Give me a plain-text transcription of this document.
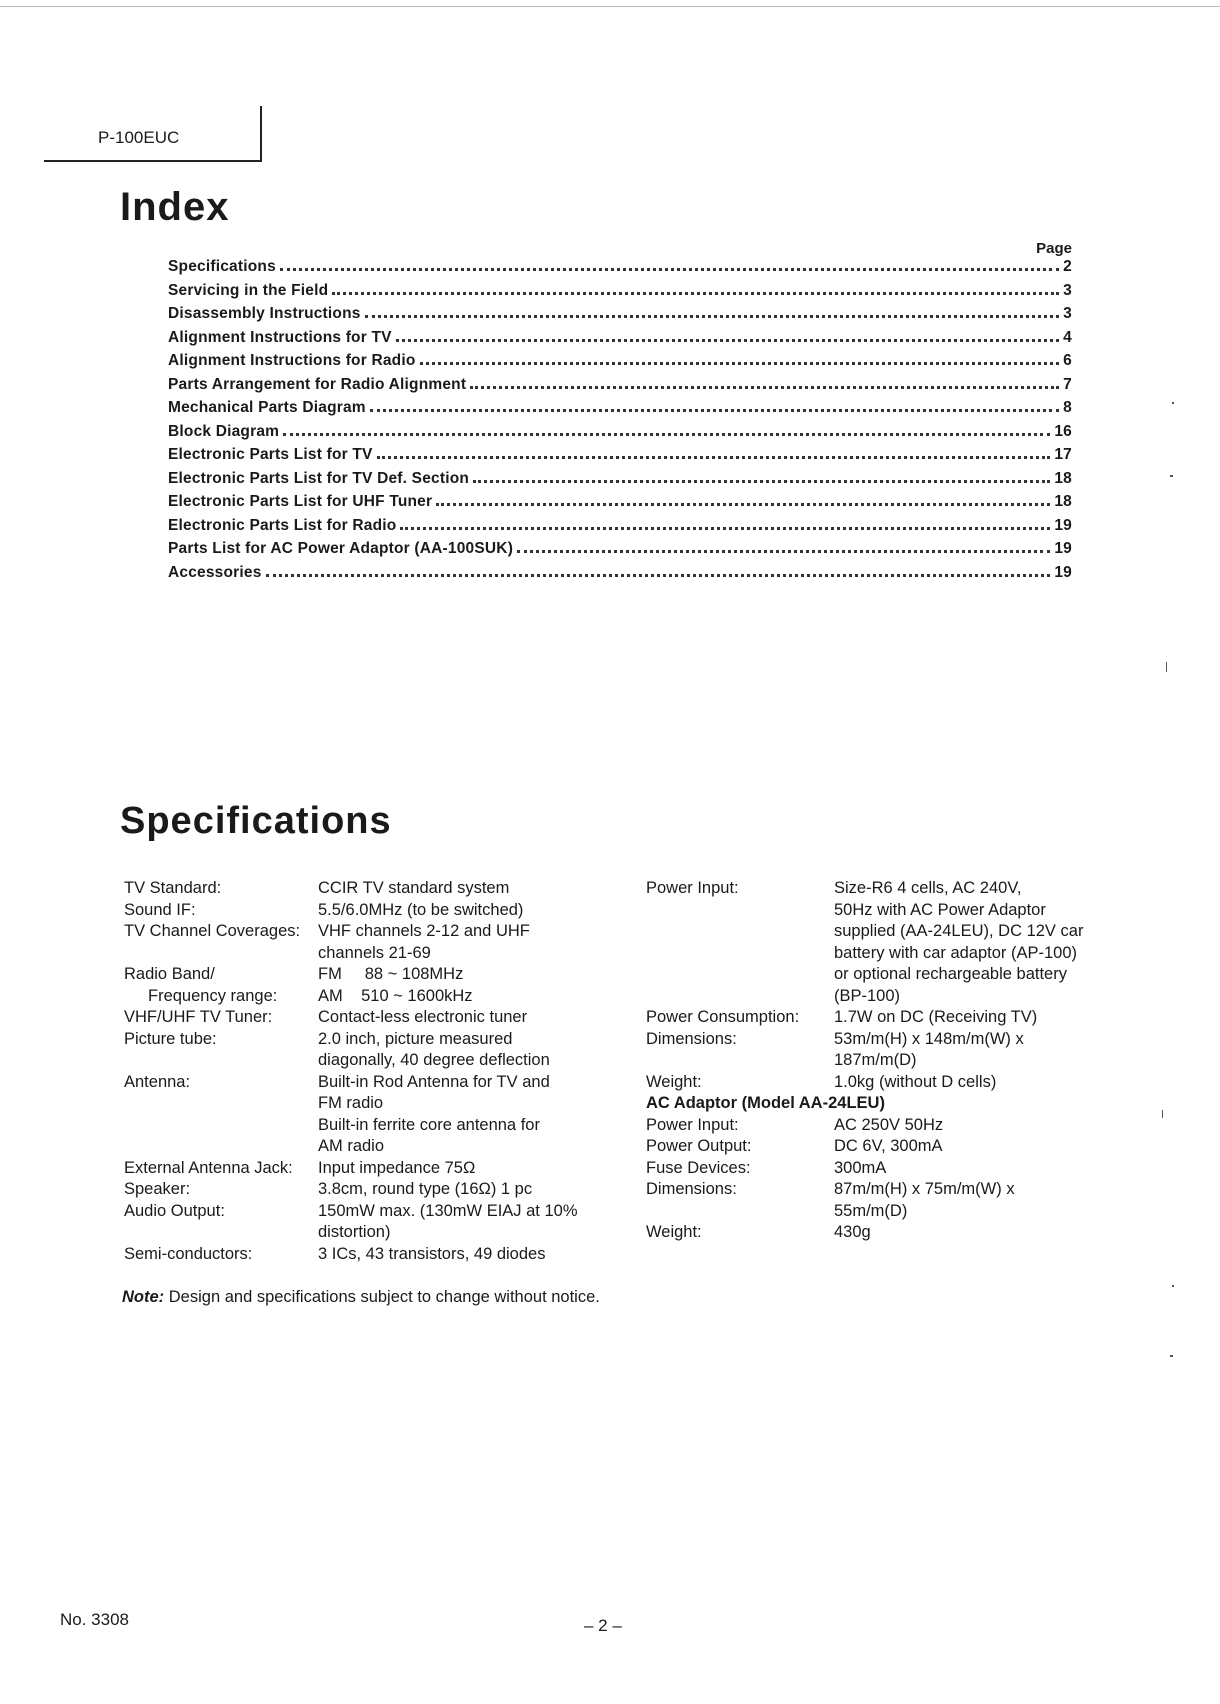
P-100EUC
Index
Page
Specifications	2
Servicing in the Field	3
Disassembly Instructions	3
Alignment Instructions for TV	4
Alignment Instructions for Radio	6
Parts Arrangement for Radio Alignment	7
Mechanical Parts Diagram	8
Block Diagram	16
Electronic Parts List for TV	17
Electronic Parts List for TV Def. Section	18
Electronic Parts List for UHF Tuner	18
Electronic Parts List for Radio	19
Parts List for AC Power Adaptor (AA-100SUK)	19
Accessories	19
Specifications
TV Standard:	CCIR TV standard system
Sound IF:	5.5/6.0MHz (to be switched)
TV Channel Coverages:	VHF channels 2-12 and UHF
channels 21-69
Radio Band/	FM     88 ~ 108MHz
Frequency range:	AM    510 ~ 1600kHz
VHF/UHF TV Tuner:	Contact-less electronic tuner
Picture tube:	2.0 inch, picture measured
diagonally, 40 degree deflection
Antenna:	Built-in Rod Antenna for TV and
FM radio
Built-in ferrite core antenna for
AM radio
External Antenna Jack:	Input impedance 75Ω
Speaker:	3.8cm, round type (16Ω) 1 pc
Audio Output:	150mW max. (130mW EIAJ at 10%
distortion)
Semi-conductors:	3 ICs, 43 transistors, 49 diodes
Power Input:	Size-R6 4 cells, AC 240V,
50Hz with AC Power Adaptor
supplied (AA-24LEU), DC 12V car
battery with car adaptor (AP-100)
or optional rechargeable battery
(BP-100)
Power Consumption:	1.7W on DC (Receiving TV)
Dimensions:	53m/m(H) x 148m/m(W) x
187m/m(D)
Weight:	1.0kg (without D cells)
AC Adaptor (Model AA-24LEU)
Power Input:	AC 250V 50Hz
Power Output:	DC 6V, 300mA
Fuse Devices:	300mA
Dimensions:	87m/m(H) x 75m/m(W) x
55m/m(D)
Weight:	430g
Note: Design and specifications subject to change without notice.
No. 3308	– 2 –
